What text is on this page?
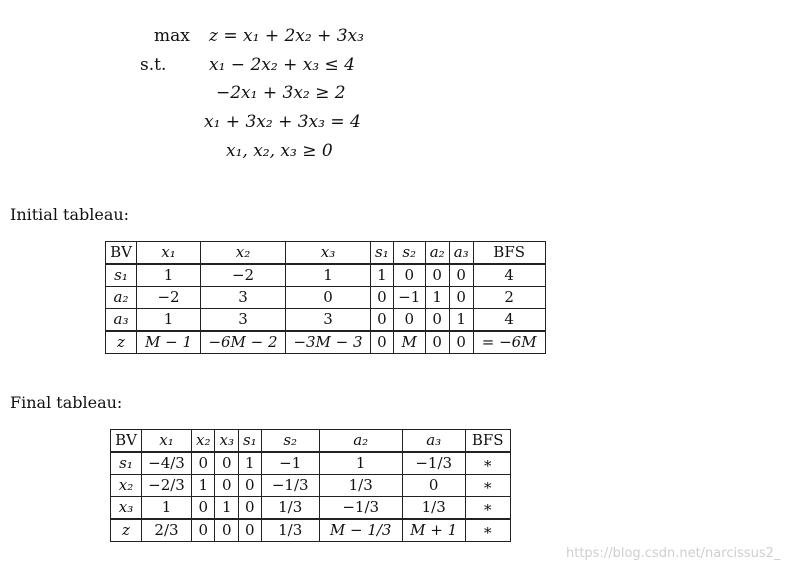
max z = x₁ + 2x₂ + 3x₃
s.t.	x₁ − 2x₂ + x₃ ≤ 4
−2x₁ + 3x₂ ≥ 2
x₁ + 3x₂ + 3x₃ = 4
x₁, x₂, x₃ ≥ 0
Initial tableau:
BV	x₁	x₂	x₃	s₁	s₂	a₂	a₃	BFS
s₁	1	−2	1	1	0	0	0	4
a₂	−2	3	0	0	−1	1	0	2
a₃	1	3	3	0	0	0	1	4
z	M − 1	−6M − 2	−3M − 3	0	M	0	0	= −6M
Final tableau:
BV	x₁	x₂	x₃	s₁	s₂	a₂	a₃	BFS
s₁	−4/3	0	0	1	−1	1	−1/3	∗
x₂	−2/3	1	0	0	−1/3	1/3	0	∗
x₃	1	0	1	0	1/3	−1/3	1/3	∗
z	2/3	0	0	0	1/3	M − 1/3	M + 1	∗
https://blog.csdn.net/narcissus2_
